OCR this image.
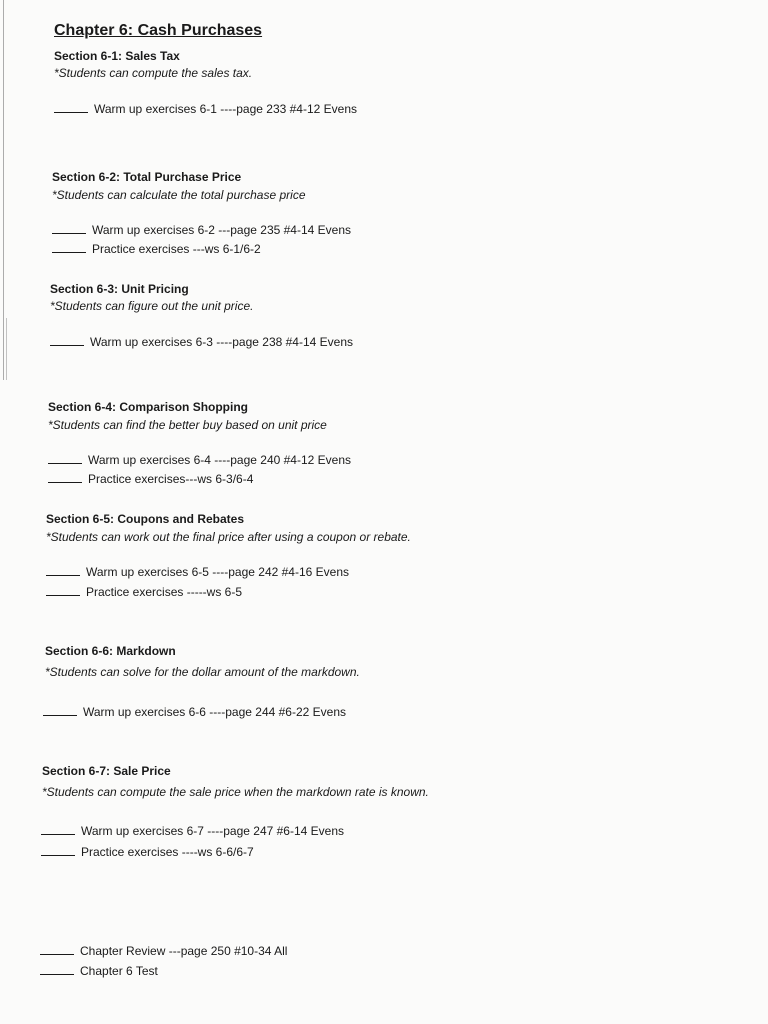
Chapter 6: Cash Purchases
Section 6-1: Sales Tax
*Students can compute the sales tax.
Warm up exercises 6-1 ----page 233 #4-12 Evens
Section 6-2: Total Purchase Price
*Students can calculate the total purchase price
Warm up exercises 6-2 ---page 235 #4-14 Evens
Practice exercises ---ws 6-1/6-2
Section 6-3: Unit Pricing
*Students can figure out the unit price.
Warm up exercises 6-3 ----page 238 #4-14 Evens
Section 6-4: Comparison Shopping
*Students can find the better buy based on unit price
Warm up exercises 6-4 ----page 240 #4-12 Evens
Practice exercises---ws 6-3/6-4
Section 6-5: Coupons and Rebates
*Students can work out the final price after using a coupon or rebate.
Warm up exercises 6-5 ----page 242 #4-16 Evens
Practice exercises -----ws 6-5
Section 6-6: Markdown
*Students can solve for the dollar amount of the markdown.
Warm up exercises 6-6 ----page 244 #6-22 Evens
Section 6-7: Sale Price
*Students can compute the sale price when the markdown rate is known.
Warm up exercises 6-7 ----page 247 #6-14 Evens
Practice exercises ----ws 6-6/6-7
Chapter Review ---page 250 #10-34 All
Chapter 6 Test
